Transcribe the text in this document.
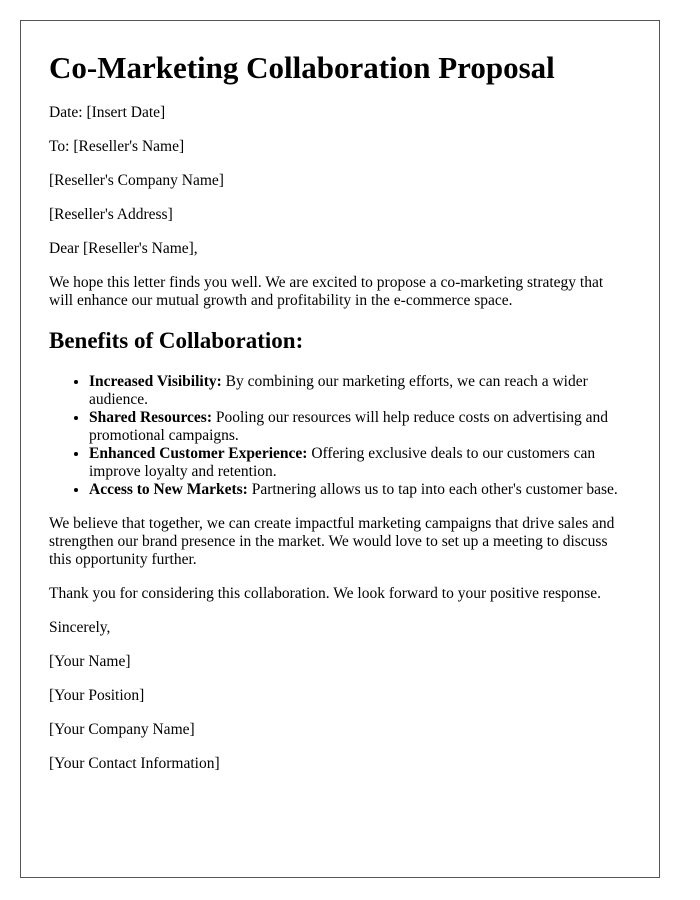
Co-Marketing Collaboration Proposal

Date: [Insert Date]

To: [Reseller's Name]

[Reseller's Company Name]

[Reseller's Address]

Dear [Reseller's Name],

We hope this letter finds you well. We are excited to propose a co-marketing strategy that will enhance our mutual growth and profitability in the e-commerce space.

Benefits of Collaboration:
• Increased Visibility: By combining our marketing efforts, we can reach a wider audience.
• Shared Resources: Pooling our resources will help reduce costs on advertising and promotional campaigns.
• Enhanced Customer Experience: Offering exclusive deals to our customers can improve loyalty and retention.
• Access to New Markets: Partnering allows us to tap into each other's customer base.

We believe that together, we can create impactful marketing campaigns that drive sales and strengthen our brand presence in the market. We would love to set up a meeting to discuss this opportunity further.

Thank you for considering this collaboration. We look forward to your positive response.

Sincerely,

[Your Name]

[Your Position]

[Your Company Name]

[Your Contact Information]
